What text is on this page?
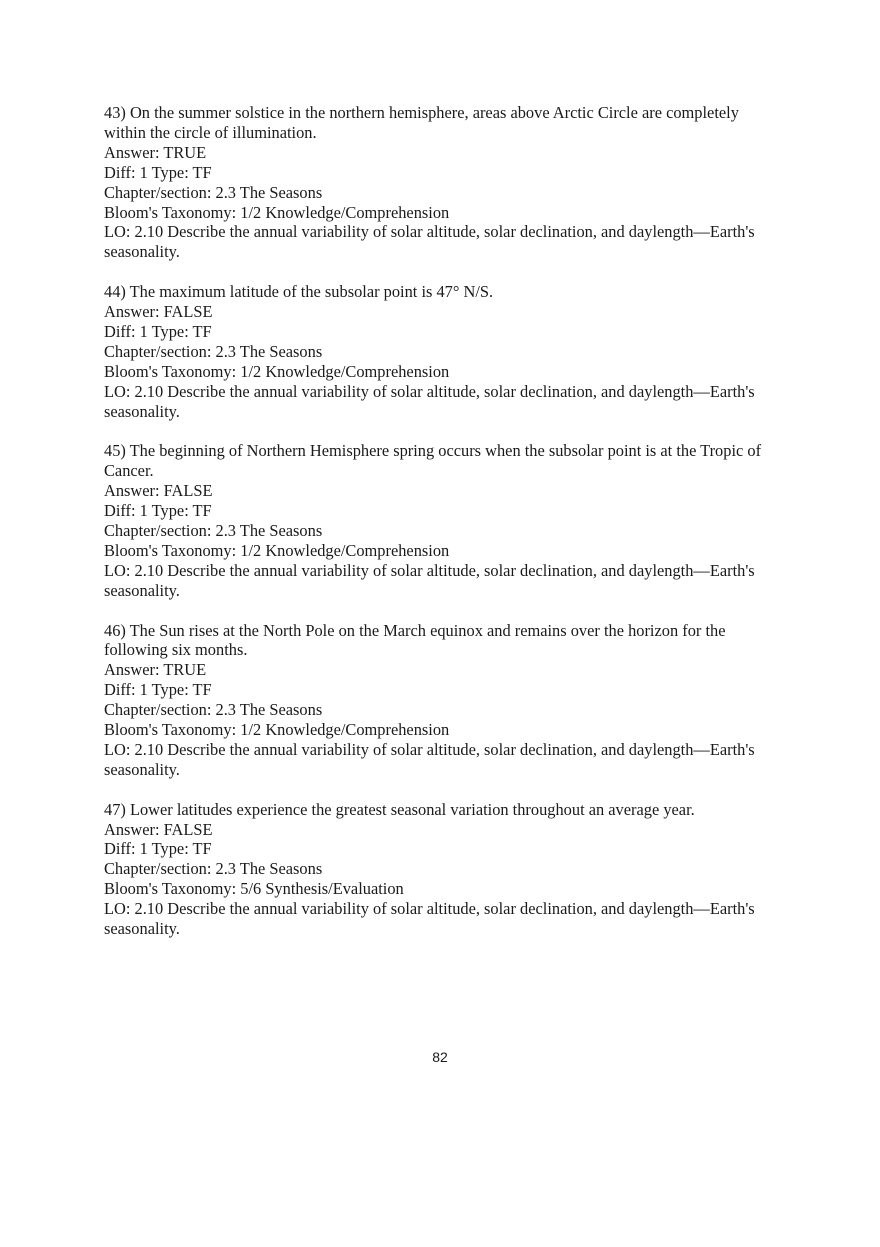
43) On the summer solstice in the northern hemisphere, areas above Arctic Circle are completely within the circle of illumination.
Answer: TRUE
Diff: 1 Type: TF
Chapter/section: 2.3 The Seasons
Bloom's Taxonomy: 1/2 Knowledge/Comprehension
LO: 2.10 Describe the annual variability of solar altitude, solar declination, and daylength—Earth's seasonality.
44) The maximum latitude of the subsolar point is 47° N/S.
Answer: FALSE
Diff: 1 Type: TF
Chapter/section: 2.3 The Seasons
Bloom's Taxonomy: 1/2 Knowledge/Comprehension
LO: 2.10 Describe the annual variability of solar altitude, solar declination, and daylength—Earth's seasonality.
45) The beginning of Northern Hemisphere spring occurs when the subsolar point is at the Tropic of Cancer.
Answer: FALSE
Diff: 1 Type: TF
Chapter/section: 2.3 The Seasons
Bloom's Taxonomy: 1/2 Knowledge/Comprehension
LO: 2.10 Describe the annual variability of solar altitude, solar declination, and daylength—Earth's seasonality.
46) The Sun rises at the North Pole on the March equinox and remains over the horizon for the following six months.
Answer: TRUE
Diff: 1 Type: TF
Chapter/section: 2.3 The Seasons
Bloom's Taxonomy: 1/2 Knowledge/Comprehension
LO: 2.10 Describe the annual variability of solar altitude, solar declination, and daylength—Earth's seasonality.
47) Lower latitudes experience the greatest seasonal variation throughout an average year.
Answer: FALSE
Diff: 1 Type: TF
Chapter/section: 2.3 The Seasons
Bloom's Taxonomy: 5/6 Synthesis/Evaluation
LO: 2.10 Describe the annual variability of solar altitude, solar declination, and daylength—Earth's seasonality.
82
